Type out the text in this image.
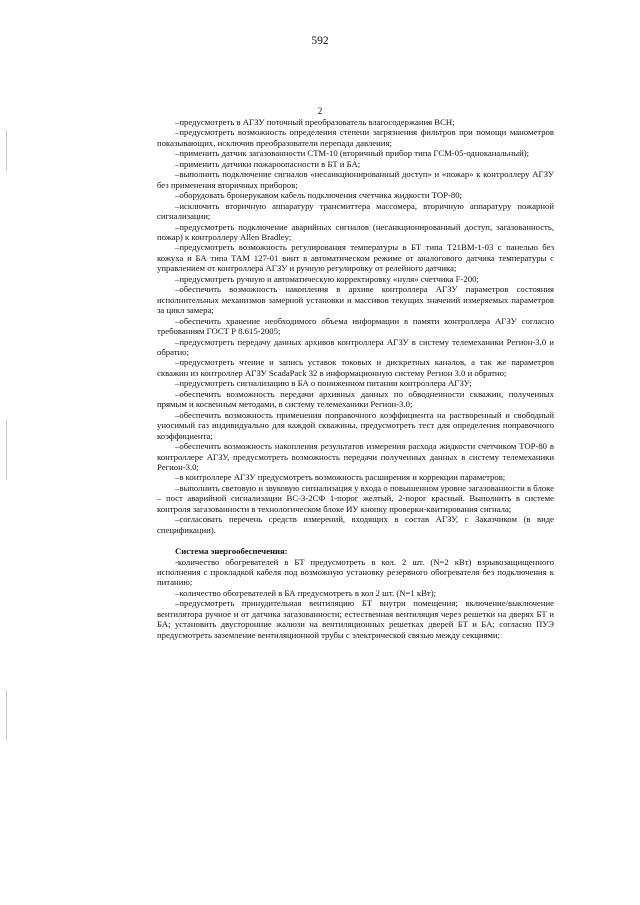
592
2

–предусмотреть в АГЗУ поточный преобразователь влагосодержания ВСН;

–предусмотреть возможность определения степени загрязнения фильтров при помощи манометров показывающих, исключив преобразователи перепада давления;

–применить датчик загазованности СТМ-10 (вторичный прибор типа ГСМ-05-одноканальный);

–применить датчики пожароопасности в БТ и БА;

–выполнить подключение сигналов «несанкционированный доступ» и «пожар» к контроллеру АГЗУ без применения вторичных приборов;

–оборудовать бронерукавом кабель подключения счетчика жидкости ТОР-80;

–исключить вторичную аппаратуру трансмиттера массомера, вторичную аппаратуру пожарной сигнализации;

–предусмотреть подключение аварийных сигналов (несанкционированный доступ, загазованность, пожар) к контроллеру Allen Bradley;

–предусмотреть возможность регулирования температуры в БТ типа Т21ВМ-1-03 с панелью без кожуха и БА типа ТАМ 127-01 винт в автоматическом режиме от аналогового датчика температуры с управлением от контроллера АГЗУ и ручную регулировку от релейного датчика;

–предусмотреть ручную и автоматическую корректировку «нуля» счетчика F-200;

–обеспечить возможность накопления в архиве контроллера АГЗУ параметров состояния исполнительных механизмов замерной установки и массивов текущих значений измеряемых параметров за цикл замера;

–обеспечить хранение необходимого объема информации в памяти контроллера АГЗУ согласно требованиям ГОСТ Р 8.615-2005;

–предусмотреть передачу данных архивов контроллера АГЗУ в систему телемеханики Регион-3.0 и обратно;

–предусмотреть чтение и запись уставок токовых и дискретных каналов, а так же параметров скважин из контроллер АГЗУ ScadaPack 32 в информационную систему Регион 3.0 и обратно;

–предусмотреть сигнализацию в БА о пониженном питании контроллера АГЗУ;

–обеспечить возможность передачи архивных данных по обводненности скважин, полученных прямым и косвенным методами, в систему телемеханики Регион-3.0;

–обеспечить возможность применения поправочного коэффициента на растворенный и свободный уносимый газ индивидуально для каждой скважины, предусмотреть тест для определения поправочного коэффициента;

–обеспечить возможность накопления результатов измерения расхода жидкости счетчиком ТОР-80 в контроллере АГЗУ, предусмотреть возможность передачи полученных данных в систему телемеханики Регион-3.0;

–в контроллере АГЗУ предусмотреть возможность расширения и коррекции параметров;

–выполнить световую и звуковую сигнализация у входа о повышенном уровне загазованности в блоке – пост аварийной сигнализации ВС-3-2СФ 1-порог желтый, 2-порог красный. Выполнить в системе контроля загазованности в технологическом блоке ИУ кнопку проверки-квитирования сигнала;

–согласовать перечень средств измерений, входящих в состав АГЗУ, с Заказчиком (в виде спецификации).

Система энергообеспечения:

-количество обогревателей в БТ предусмотреть в кол. 2 шт. (N=2 кВт) взрывозащищенного исполнения с прокладкой кабеля под возможную установку резервного обогревателя без подключения к питанию;

–количество обогревателей в БА предусмотреть в кол 2 шт. (N=1 кВт);

–предусмотреть принудительная вентиляцию БТ внутри помещения; включение/выключение вентилятора ручное и от датчика загазованности; естественная вентиляция через решетки на дверях БТ и БА; установить двусторонние жалюзи на вентиляционных решетках дверей БТ и БА; согласно ПУЭ предусмотреть заземление вентиляционной трубы с электрической связью между секциями;
